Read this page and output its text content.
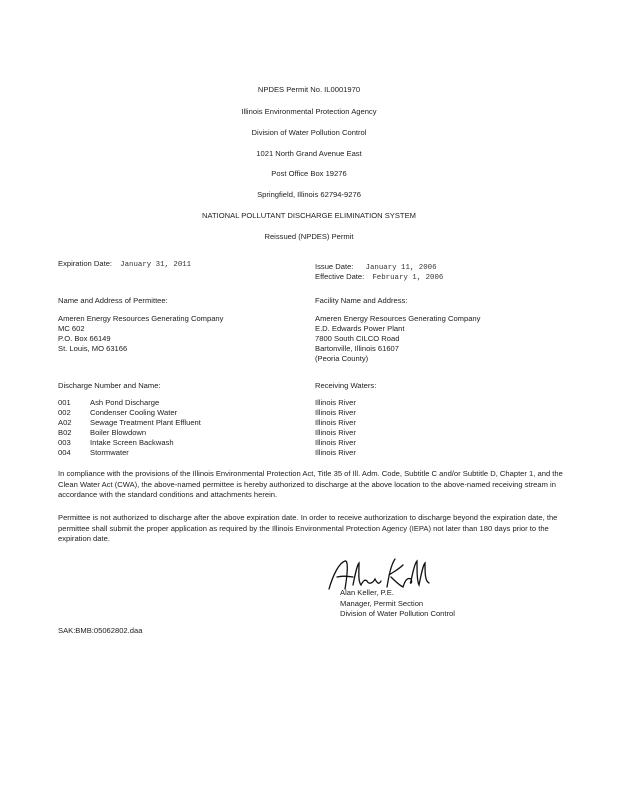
NPDES Permit No. IL0001970
Illinois Environmental Protection Agency
Division of Water Pollution Control
1021 North Grand Avenue East
Post Office Box 19276
Springfield, Illinois 62794-9276
NATIONAL POLLUTANT DISCHARGE ELIMINATION SYSTEM
Reissued (NPDES) Permit
Expiration Date: January 31, 2011	Issue Date: January 11, 2006
Effective Date: February 1, 2006
Name and Address of Permittee:
Ameren Energy Resources Generating Company
MC 602
P.O. Box 66149
St. Louis, MO 63166
Facility Name and Address:
Ameren Energy Resources Generating Company
E.D. Edwards Power Plant
7800 South CILCO Road
Bartonville, Illinois 61607
(Peoria County)
Discharge Number and Name:	Receiving Waters:
001	Ash Pond Discharge	Illinois River
002	Condenser Cooling Water	Illinois River
A02 Sewage Treatment Plant Effluent	Illinois River
B02 Boiler Blowdown	Illinois River
003	Intake Screen Backwash	Illinois River
004	Stormwater	Illinois River
In compliance with the provisions of the Illinois Environmental Protection Act, Title 35 of Ill. Adm. Code, Subtitle C and/or Subtitle D, Chapter 1, and the Clean Water Act (CWA), the above-named permittee is hereby authorized to discharge at the above location to the above-named receiving stream in accordance with the standard conditions and attachments herein.
Permittee is not authorized to discharge after the above expiration date. In order to receive authorization to discharge beyond the expiration date, the permittee shall submit the proper application as required by the Illinois Environmental Protection Agency (IEPA) not later than 180 days prior to the expiration date.
Alan Keller, P.E.
Manager, Permit Section
Division of Water Pollution Control
SAK:BMB:05062802.daa
